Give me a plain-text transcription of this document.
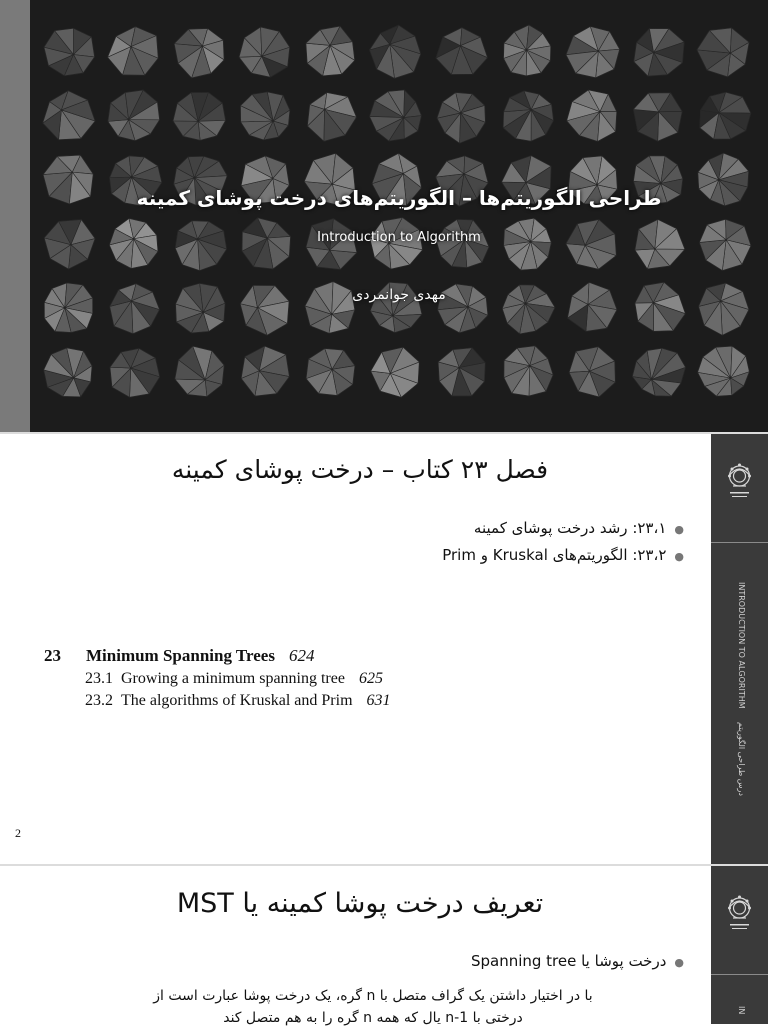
طراحی الگوریتم‌ها – الگوریتم‌های درخت پوشای کمینه
Introduction to Algorithm
مهدی جوانمردی
INTRODUCTION TO ALGORITHM
درس طراحی الگوریتم
فصل ۲۳ کتاب – درخت پوشای کمینه
●۲۳،۱: رشد درخت پوشای کمینه
●۲۳،۲: الگوریتم‌های Kruskal و Prim
23 Minimum Spanning Trees 624
23.1 Growing a minimum spanning tree 625
23.2 The algorithms of Kruskal and Prim 631
2
IN
تعریف درخت پوشا کمینه یا MST
●درخت پوشا یا Spanning tree
با در اختیار داشتن یک گراف متصل با n گره، یک درخت پوشا عبارت است از
درختی با n-1 یال که همه n گره را به هم متصل کند
